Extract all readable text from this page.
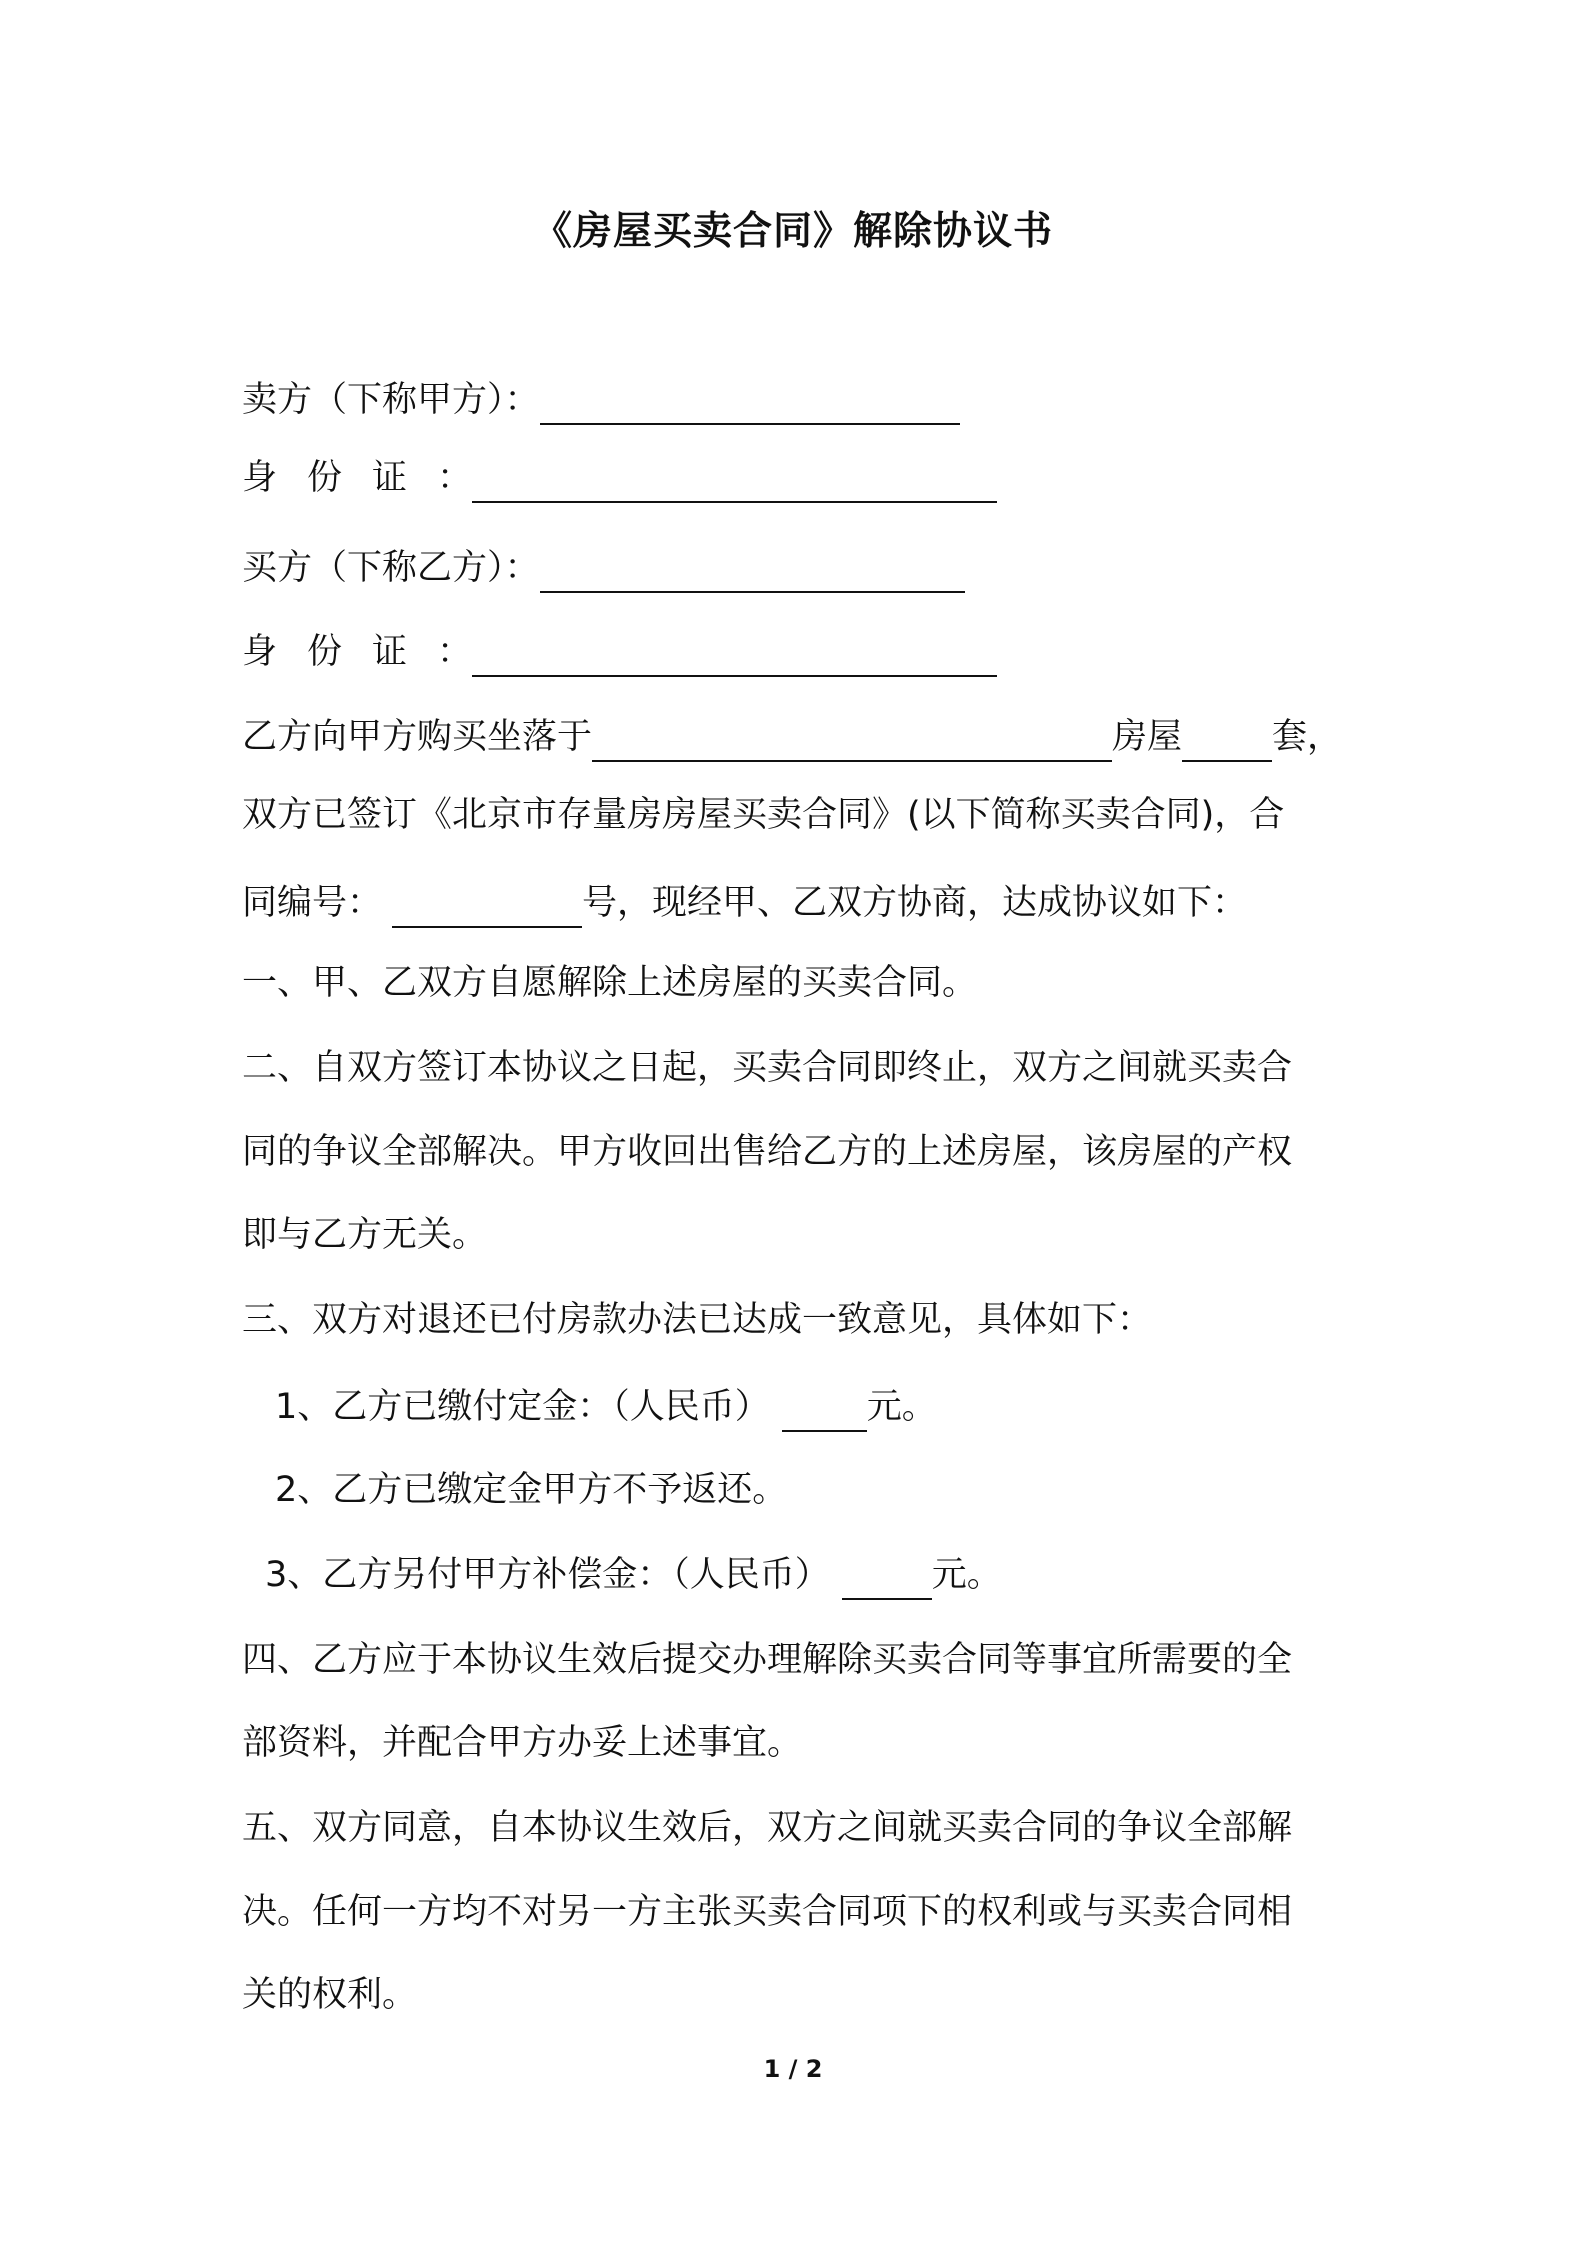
《房屋买卖合同》解除协议书
卖方（下称甲方）：
身份证：
买方（下称乙方）：
身份证：
乙方向甲方购买坐落于	房屋	套，
双方已签订《北京市存量房房屋买卖合同》(以下简称买卖合同)，合
同编号：	号，现经甲、乙双方协商，达成协议如下：
一、甲、乙双方自愿解除上述房屋的买卖合同。
二、自双方签订本协议之日起，买卖合同即终止，双方之间就买卖合
同的争议全部解决。甲方收回出售给乙方的上述房屋，该房屋的产权
即与乙方无关。
三、双方对退还已付房款办法已达成一致意见，具体如下：
1、乙方已缴付定金：（人民币）	元。
2、乙方已缴定金甲方不予返还。
3、乙方另付甲方补偿金：（人民币）	元。
四、乙方应于本协议生效后提交办理解除买卖合同等事宜所需要的全
部资料，并配合甲方办妥上述事宜。
五、双方同意，自本协议生效后，双方之间就买卖合同的争议全部解
决。任何一方均不对另一方主张买卖合同项下的权利或与买卖合同相
关的权利。
1 / 2
